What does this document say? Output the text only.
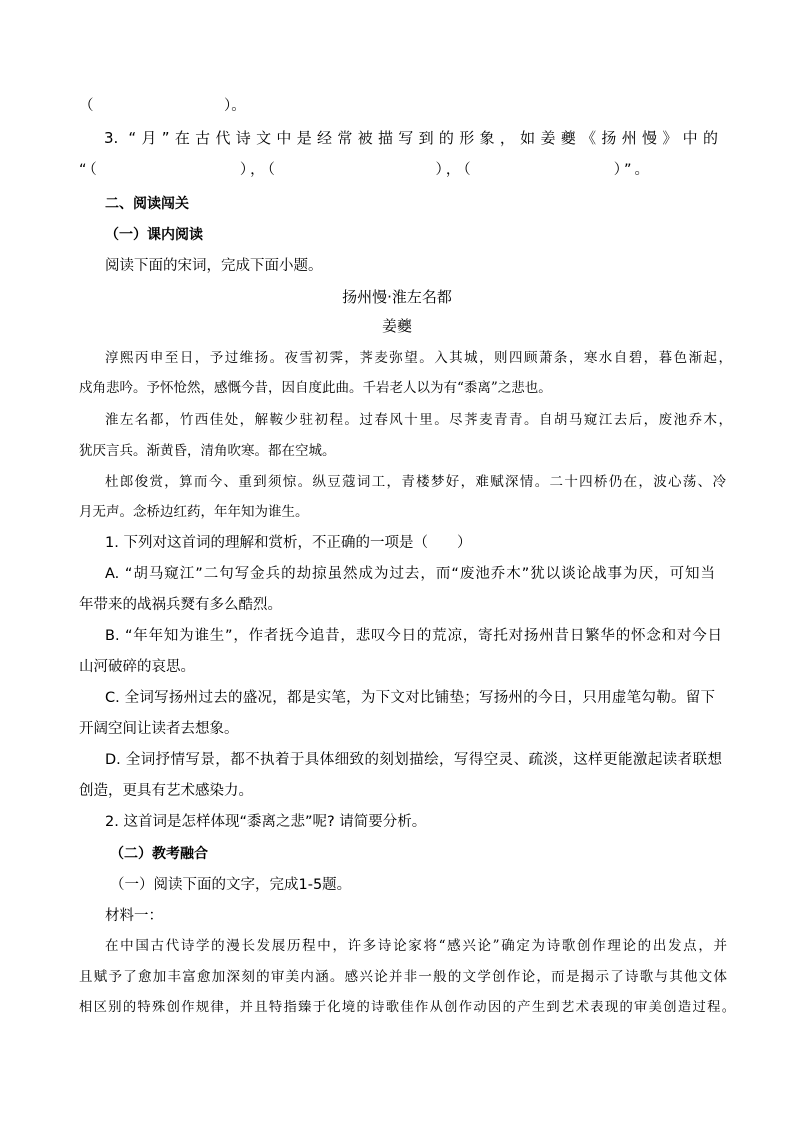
（　　　　　　　　　）。
3. “月”在古代诗文中是经常被描写到的形象，如姜夔《扬州慢》中的
“（　　　　　　　　），（　　　　　　　　　），（　　　　　　　　）”。
二、阅读闯关
（一）课内阅读
阅读下面的宋词，完成下面小题。
扬州慢·淮左名都
姜夔
淳熙丙申至日，予过维扬。夜雪初霁，荠麦弥望。入其城，则四顾萧条，寒水自碧，暮色渐起，
戍角悲吟。予怀怆然，感慨今昔，因自度此曲。千岩老人以为有“黍离”之悲也。
淮左名都，竹西佳处，解鞍少驻初程。过春风十里。尽荠麦青青。自胡马窥江去后，废池乔木，
犹厌言兵。渐黄昏，清角吹寒。都在空城。
杜郎俊赏，算而今、重到须惊。纵豆蔻词工，青楼梦好，难赋深情。二十四桥仍在，波心荡、冷
月无声。念桥边红药，年年知为谁生。
1. 下列对这首词的理解和赏析，不正确的一项是（　　）
A. “胡马窥江”二句写金兵的劫掠虽然成为过去，而“废池乔木”犹以谈论战事为厌，可知当
年带来的战祸兵燹有多么酷烈。
B. “年年知为谁生”，作者抚今追昔，悲叹今日的荒凉，寄托对扬州昔日繁华的怀念和对今日
山河破碎的哀思。
C. 全词写扬州过去的盛况，都是实笔，为下文对比铺垫；写扬州的今日，只用虚笔勾勒。留下
开阔空间让读者去想象。
D. 全词抒情写景，都不执着于具体细致的刻划描绘，写得空灵、疏淡，这样更能激起读者联想
创造，更具有艺术感染力。
2. 这首词是怎样体现“黍离之悲”呢? 请简要分析。
（二）教考融合
（一）阅读下面的文字，完成1-5题。
材料一：
在中国古代诗学的漫长发展历程中，许多诗论家将“感兴论”确定为诗歌创作理论的出发点，并
且赋予了愈加丰富愈加深刻的审美内涵。感兴论并非一般的文学创作论，而是揭示了诗歌与其他文体
相区别的特殊创作规律，并且特指臻于化境的诗歌佳作从创作动因的产生到艺术表现的审美创造过程。
